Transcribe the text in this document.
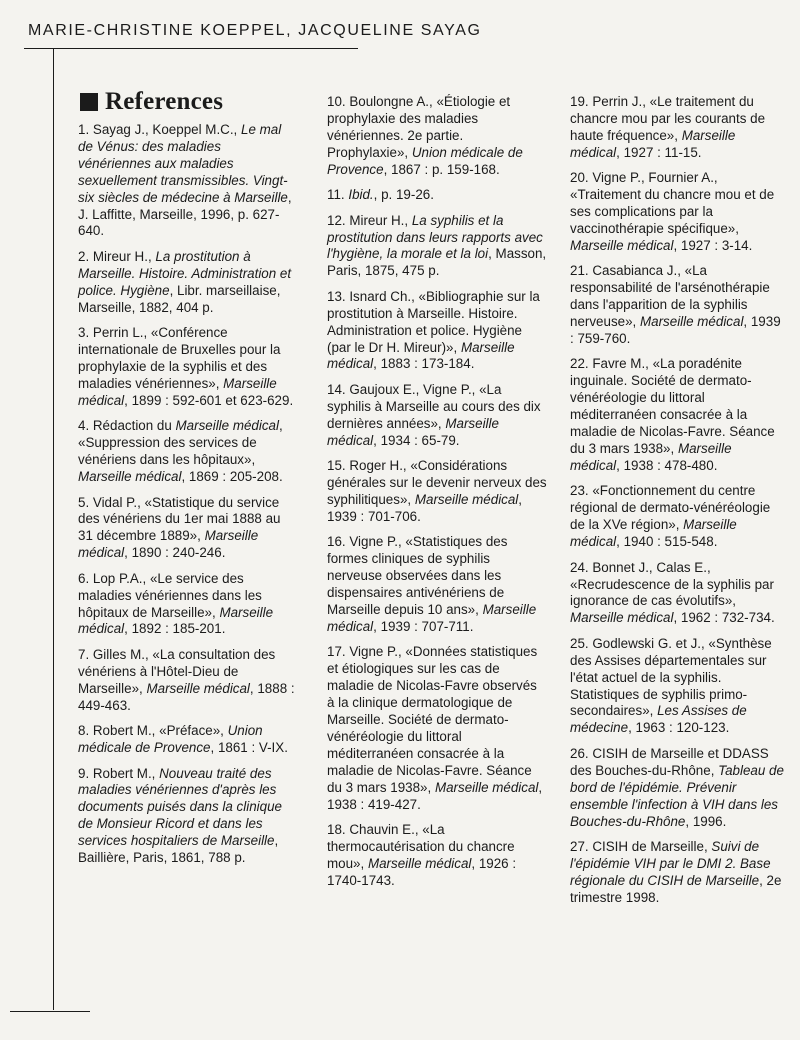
MARIE-CHRISTINE KOEPPEL, JACQUELINE SAYAG
References
1. Sayag J., Koeppel M.C., Le mal de Vénus: des maladies vénériennes aux maladies sexuellement transmissibles. Vingt-six siècles de médecine à Marseille, J. Laffitte, Marseille, 1996, p. 627-640.
2. Mireur H., La prostitution à Marseille. Histoire. Administration et police. Hygiène, Libr. marseillaise, Marseille, 1882, 404 p.
3. Perrin L., «Conférence internationale de Bruxelles pour la prophylaxie de la syphilis et des maladies vénériennes», Marseille médical, 1899 : 592-601 et 623-629.
4. Rédaction du Marseille médical, «Suppression des services de vénériens dans les hôpitaux», Marseille médical, 1869 : 205-208.
5. Vidal P., «Statistique du service des vénériens du 1er mai 1888 au 31 décembre 1889», Marseille médical, 1890 : 240-246.
6. Lop P.A., «Le service des maladies vénériennes dans les hôpitaux de Marseille», Marseille médical, 1892 : 185-201.
7. Gilles M., «La consultation des vénériens à l'Hôtel-Dieu de Marseille», Marseille médical, 1888 : 449-463.
8. Robert M., «Préface», Union médicale de Provence, 1861 : V-IX.
9. Robert M., Nouveau traité des maladies vénériennes d'après les documents puisés dans la clinique de Monsieur Ricord et dans les services hospitaliers de Marseille, Baillière, Paris, 1861, 788 p.
10. Boulongne A., «Étiologie et prophylaxie des maladies vénériennes. 2e partie. Prophylaxie», Union médicale de Provence, 1867 : p. 159-168.
11. Ibid., p. 19-26.
12. Mireur H., La syphilis et la prostitution dans leurs rapports avec l'hygiène, la morale et la loi, Masson, Paris, 1875, 475 p.
13. Isnard Ch., «Bibliographie sur la prostitution à Marseille. Histoire. Administration et police. Hygiène (par le Dr H. Mireur)», Marseille médical, 1883 : 173-184.
14. Gaujoux E., Vigne P., «La syphilis à Marseille au cours des dix dernières années», Marseille médical, 1934 : 65-79.
15. Roger H., «Considérations générales sur le devenir nerveux des syphilitiques», Marseille médical, 1939 : 701-706.
16. Vigne P., «Statistiques des formes cliniques de syphilis nerveuse observées dans les dispensaires antivénériens de Marseille depuis 10 ans», Marseille médical, 1939 : 707-711.
17. Vigne P., «Données statistiques et étiologiques sur les cas de maladie de Nicolas-Favre observés à la clinique dermatologique de Marseille. Société de dermato-vénéréologie du littoral méditerranéen consacrée à la maladie de Nicolas-Favre. Séance du 3 mars 1938», Marseille médical, 1938 : 419-427.
18. Chauvin E., «La thermocautérisation du chancre mou», Marseille médical, 1926 : 1740-1743.
19. Perrin J., «Le traitement du chancre mou par les courants de haute fréquence», Marseille médical, 1927 : 11-15.
20. Vigne P., Fournier A., «Traitement du chancre mou et de ses complications par la vaccinothérapie spécifique», Marseille médical, 1927 : 3-14.
21. Casabianca J., «La responsabilité de l'arsénothérapie dans l'apparition de la syphilis nerveuse», Marseille médical, 1939 : 759-760.
22. Favre M., «La poradénite inguinale. Société de dermato-vénéréologie du littoral méditerranéen consacrée à la maladie de Nicolas-Favre. Séance du 3 mars 1938», Marseille médical, 1938 : 478-480.
23. «Fonctionnement du centre régional de dermato-vénéréologie de la XVe région», Marseille médical, 1940 : 515-548.
24. Bonnet J., Calas E., «Recrudescence de la syphilis par ignorance de cas évolutifs», Marseille médical, 1962 : 732-734.
25. Godlewski G. et J., «Synthèse des Assises départementales sur l'état actuel de la syphilis. Statistiques de syphilis primo-secondaires», Les Assises de médecine, 1963 : 120-123.
26. CISIH de Marseille et DDASS des Bouches-du-Rhône, Tableau de bord de l'épidémie. Prévenir ensemble l'infection à VIH dans les Bouches-du-Rhône, 1996.
27. CISIH de Marseille, Suivi de l'épidémie VIH par le DMI 2. Base régionale du CISIH de Marseille, 2e trimestre 1998.
